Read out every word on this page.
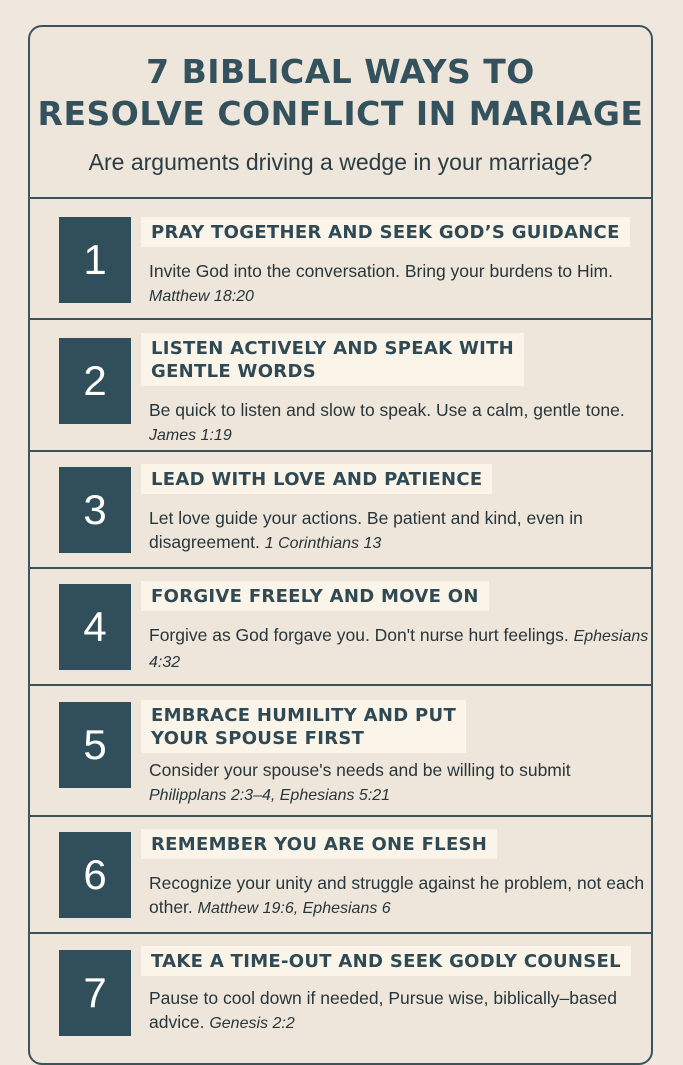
7 BIBLICAL WAYS TO
RESOLVE CONFLICT IN MARIAGE
Are arguments driving a wedge in your marriage?
1
PRAY TOGETHER AND SEEK GOD’S GUIDANCE
Invite God into the conversation. Bring your burdens to Him. Matthew 18:20
2
LISTEN ACTIVELY AND SPEAK WITH
GENTLE WORDS
Be quick to listen and slow to speak. Use a calm, gentle tone. James 1:19
3
LEAD WITH LOVE AND PATIENCE
Let love guide your actions. Be patient and kind, even in disagreement. 1 Corinthians 13
4
FORGIVE FREELY AND MOVE ON
Forgive as God forgave you. Don't nurse hurt feelings. Ephesians 4:32
5
EMBRACE HUMILITY AND PUT
YOUR SPOUSE FIRST
Consider your spouse's needs and be willing to submit
Philipplans 2:3–4, Ephesians 5:21
6
REMEMBER YOU ARE ONE FLESH
Recognize your unity and struggle against he problem, not each other. Matthew 19:6, Ephesians 6
7
TAKE A TIME-OUT AND SEEK GODLY COUNSEL
Pause to cool down if needed, Pursue wise, biblically–based advice. Genesis 2:2
